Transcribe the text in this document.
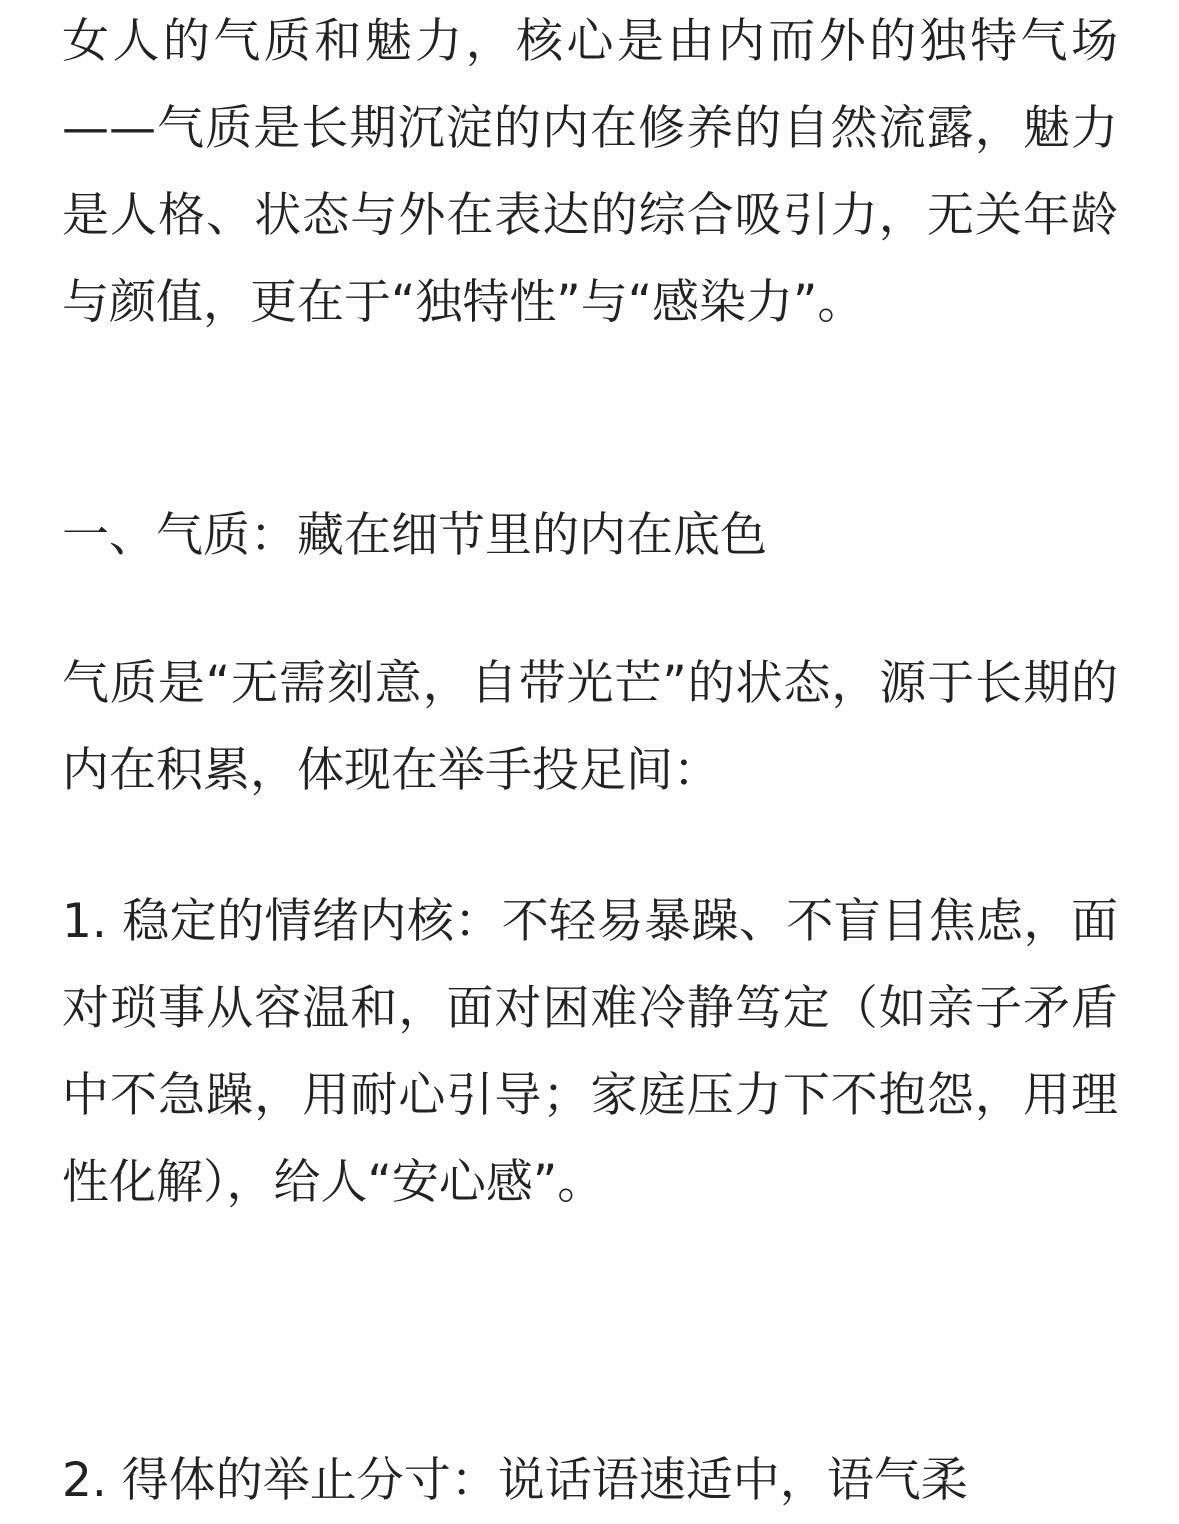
女人的气质和魅力，核心是由内而外的独特气场——气质是长期沉淀的内在修养的自然流露，魅力是人格、状态与外在表达的综合吸引力，无关年龄与颜值，更在于“独特性”与“感染力”。

一、气质：藏在细节里的内在底色

气质是“无需刻意，自带光芒”的状态，源于长期的内在积累，体现在举手投足间：

1. 稳定的情绪内核：不轻易暴躁、不盲目焦虑，面对琐事从容温和，面对困难冷静笃定（如亲子矛盾中不急躁，用耐心引导；家庭压力下不抱怨，用理性化解），给人“安心感”。

2. 得体的举止分寸：说话语速适中，语气柔
